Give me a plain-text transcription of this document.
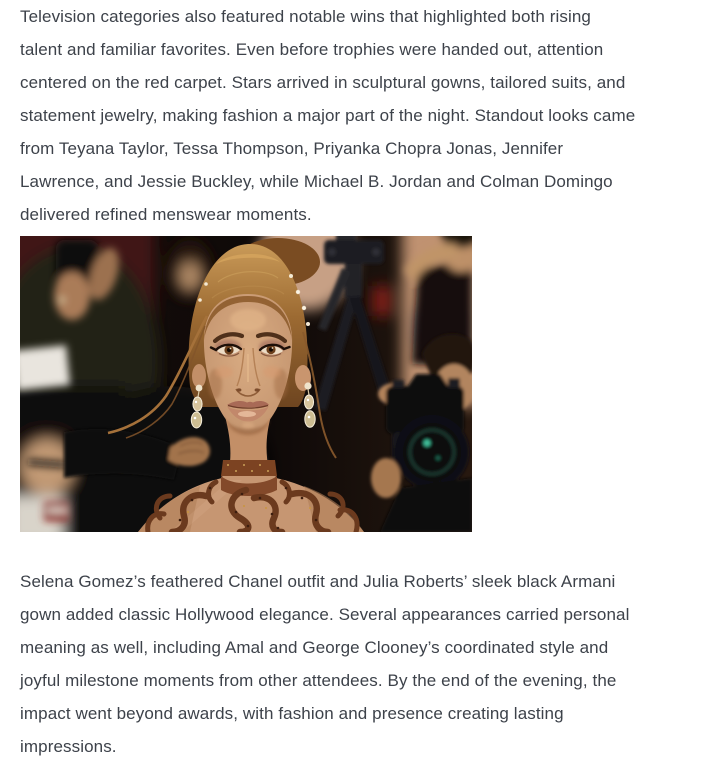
Television categories also featured notable wins that highlighted both rising
talent and familiar favorites. Even before trophies were handed out, attention
centered on the red carpet. Stars arrived in sculptural gowns, tailored suits, and
statement jewelry, making fashion a major part of the night. Standout looks came
from Teyana Taylor, Tessa Thompson, Priyanka Chopra Jonas, Jennifer
Lawrence, and Jessie Buckley, while Michael B. Jordan and Colman Domingo
delivered refined menswear moments.

Selena Gomez’s feathered Chanel outfit and Julia Roberts’ sleek black Armani
gown added classic Hollywood elegance. Several appearances carried personal
meaning as well, including Amal and George Clooney’s coordinated style and
joyful milestone moments from other attendees. By the end of the evening, the
impact went beyond awards, with fashion and presence creating lasting
impressions.
